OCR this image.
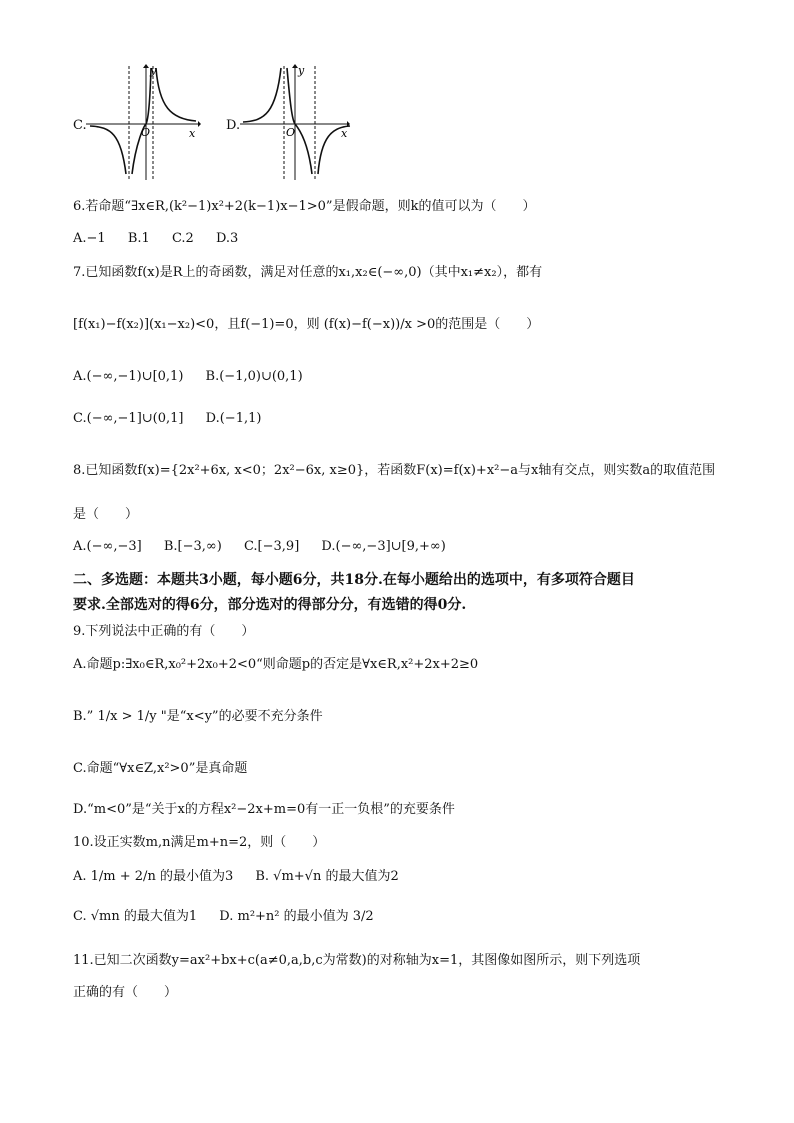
C.
y
x
O	D.
y
x
O
6.若命题“∃x∈R,(k²−1)x²+2(k−1)x−1>0”是假命题，则k的值可以为（　　）
A.−1 B.1 C.2 D.3
7.已知函数f(x)是R上的奇函数，满足对任意的x₁,x₂∈(−∞,0)（其中x₁≠x₂），都有
[f(x₁)−f(x₂)](x₁−x₂)<0，且f(−1)=0，则 (f(x)−f(−x))/x >0的范围是（　　）
A.(−∞,−1)∪[0,1) B.(−1,0)∪(0,1)
C.(−∞,−1]∪(0,1] D.(−1,1)
8.已知函数f(x)={2x²+6x, x<0；2x²−6x, x≥0}，若函数F(x)=f(x)+x²−a与x轴有交点，则实数a的取值范围
是（　　）
A.(−∞,−3] B.[−3,∞) C.[−3,9] D.(−∞,−3]∪[9,+∞)
二、多选题：本题共3小题，每小题6分，共18分.在每小题给出的选项中，有多项符合题目
要求.全部选对的得6分，部分选对的得部分分，有选错的得0分.
9.下列说法中正确的有（　　）
A.命题p:∃x₀∈R,x₀²+2x₀+2<0“则命题p的否定是∀x∈R,x²+2x+2≥0
B.” 1/x > 1/y "是“x<y”的必要不充分条件
C.命题“∀x∈Z,x²>0”是真命题
D.“m<0”是“关于x的方程x²−2x+m=0有一正一负根”的充要条件
10.设正实数m,n满足m+n=2，则（　　）
A. 1/m + 2/n 的最小值为3 B. √m+√n 的最大值为2
C. √mn 的最大值为1 D. m²+n² 的最小值为 3/2
11.已知二次函数y=ax²+bx+c(a≠0,a,b,c为常数)的对称轴为x=1，其图像如图所示，则下列选项
正确的有（　　）
